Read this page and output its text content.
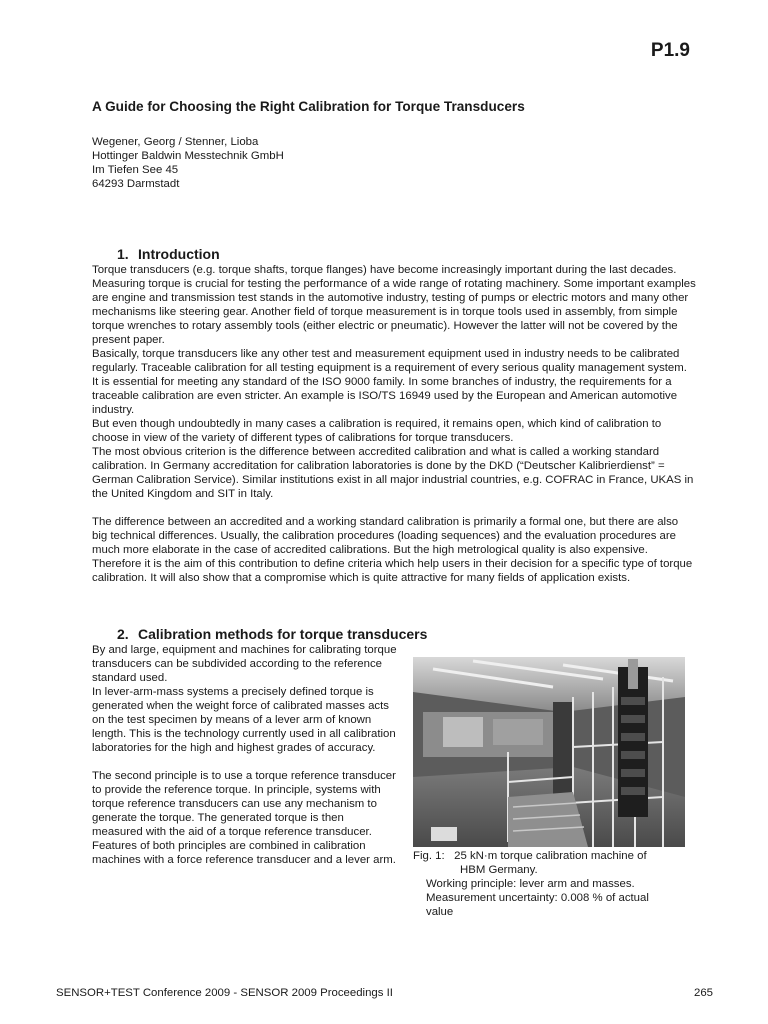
P1.9
A Guide for Choosing the Right Calibration for Torque Transducers
Wegener, Georg / Stenner, Lioba
Hottinger Baldwin Messtechnik GmbH
Im Tiefen See 45
64293 Darmstadt
1. Introduction

Torque transducers (e.g. torque shafts, torque flanges) have become increasingly important during the last decades. Measuring torque is crucial for testing the performance of a wide range of rotating machinery. Some important examples are engine and transmission test stands in the automotive industry, testing of pumps or electric motors and many other mechanisms like steering gear. Another field of torque measurement is in torque tools used in assembly, from simple torque wrenches to rotary assembly tools (either electric or pneumatic). However the latter will not be covered by the present paper.

Basically, torque transducers like any other test and measurement equipment used in industry needs to be calibrated regularly. Traceable calibration for all testing equipment is a requirement of every serious quality management system. It is essential for meeting any standard of the ISO 9000 family. In some branches of industry, the requirements for a traceable calibration are even stricter. An example is ISO/TS 16949 used by the European and American automotive industry.

But even though undoubtedly in many cases a calibration is required, it remains open, which kind of calibration to choose in view of the variety of different types of calibrations for torque transducers.

The most obvious criterion is the difference between accredited calibration and what is called a working standard calibration. In Germany accreditation for calibration laboratories is done by the DKD (“Deutscher Kalibrierdienst” = German Calibration Service). Similar institutions exist in all major industrial countries, e.g. COFRAC in France, UKAS in the United Kingdom and SIT in Italy.

The difference between an accredited and a working standard calibration is primarily a formal one, but there are also big technical differences. Usually, the calibration procedures (loading sequences) and the evaluation procedures are much more elaborate in the case of accredited calibrations. But the high metrological quality is also expensive. Therefore it is the aim of this contribution to define criteria which help users in their decision for a specific type of torque calibration. It will also show that a compromise which is quite attractive for many fields of application exists.

2. Calibration methods for torque transducers

By and large, equipment and machines for calibrating torque transducers can be subdivided according to the reference standard used.

In lever-arm-mass systems a precisely defined torque is generated when the weight force of calibrated masses acts on the test specimen by means of a lever arm of known length. This is the technology currently used in all calibration laboratories for the high and highest grades of accuracy.

The second principle is to use a torque reference transducer to provide the reference torque. In principle, systems with torque reference transducers can use any mechanism to generate the torque. The generated torque is then measured with the aid of a torque reference transducer. Features of both principles are combined in calibration machines with a force reference transducer and a lever arm. Fig. 1: 25 kN·m torque calibration machine of
HBM Germany.
Working principle: lever arm and masses.
Measurement uncertainty: 0.008 % of actual
value
SENSOR+TEST Conference 2009 - SENSOR 2009 Proceedings II	265
